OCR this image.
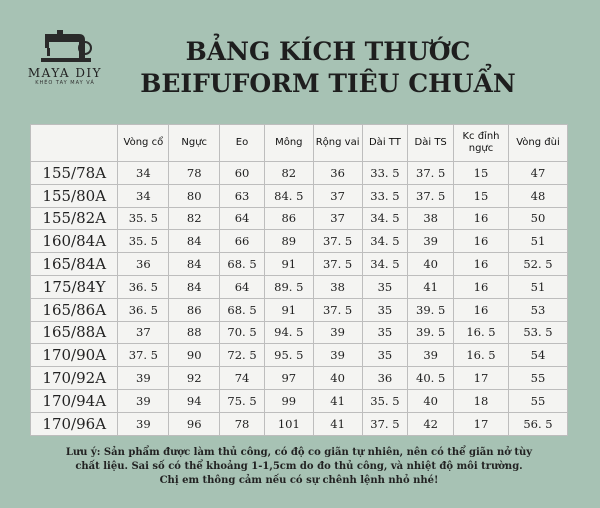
MAYA DIY
KHÉO TAY MAY VÁ
BẢNG KÍCH THƯỚC
BEIFUFORM TIÊU CHUẨN
	Vòng cổ	Ngực	Eo	Mông	Rộng vai	Dài TT	Dài TS	Kc đỉnh ngực	Vòng đùi
155/78A	34	78	60	82	36	33. 5	37. 5	15	47
155/80A	34	80	63	84. 5	37	33. 5	37. 5	15	48
155/82A	35. 5	82	64	86	37	34. 5	38	16	50
160/84A	35. 5	84	66	89	37. 5	34. 5	39	16	51
165/84A	36	84	68. 5	91	37. 5	34. 5	40	16	52. 5
175/84Y	36. 5	84	64	89. 5	38	35	41	16	51
165/86A	36. 5	86	68. 5	91	37. 5	35	39. 5	16	53
165/88A	37	88	70. 5	94. 5	39	35	39. 5	16. 5	53. 5
170/90A	37. 5	90	72. 5	95. 5	39	35	39	16. 5	54
170/92A	39	92	74	97	40	36	40. 5	17	55
170/94A	39	94	75. 5	99	41	35. 5	40	18	55
170/96A	39	96	78	101	41	37. 5	42	17	56. 5
Lưu ý: Sản phẩm được làm thủ công, có độ co giãn tự nhiên, nên có thể giãn nở tùy
chất liệu. Sai số có thể khoảng 1-1,5cm do đo thủ công, và nhiệt độ môi trường.
Chị em thông cảm nếu có sự chênh lệnh nhỏ nhé!
